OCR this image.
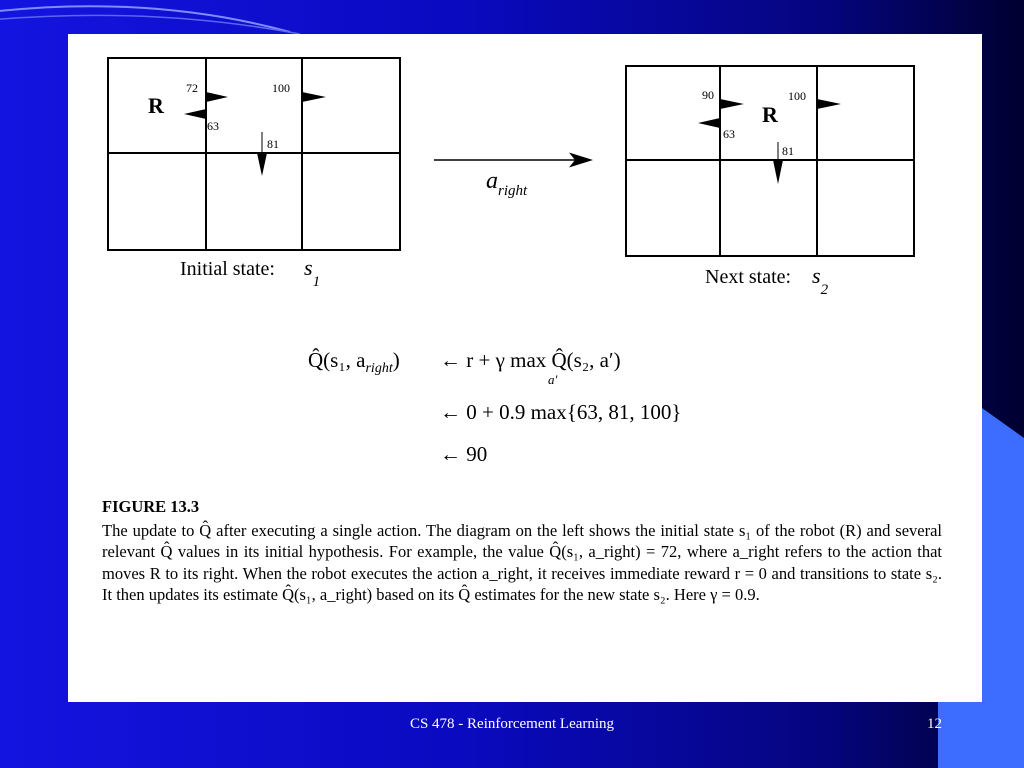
R
72
63
100
81
Initial state: $s_1$
$a_{right}$
90
63
R
100
81
Next state: $s_2$
Q̂(s₁, $a_{right}$) ← r + γ max Q̂(s₂, a′)
a′
← 0 + 0.9 max{63, 81, 100}
← 90
FIGURE 13.3
The update to Q̂ after executing a single action. The diagram on the left shows the initial state s₁ of the robot (R) and several relevant Q̂ values in its initial hypothesis. For example, the value Q̂(s₁, a_right) = 72, where a_right refers to the action that moves R to its right. When the robot executes the action a_right, it receives immediate reward r = 0 and transitions to state s₂. It then updates its estimate Q̂(s₁, a_right) based on its Q̂ estimates for the new state s₂. Here γ = 0.9.
CS 478 - Reinforcement Learning	12
